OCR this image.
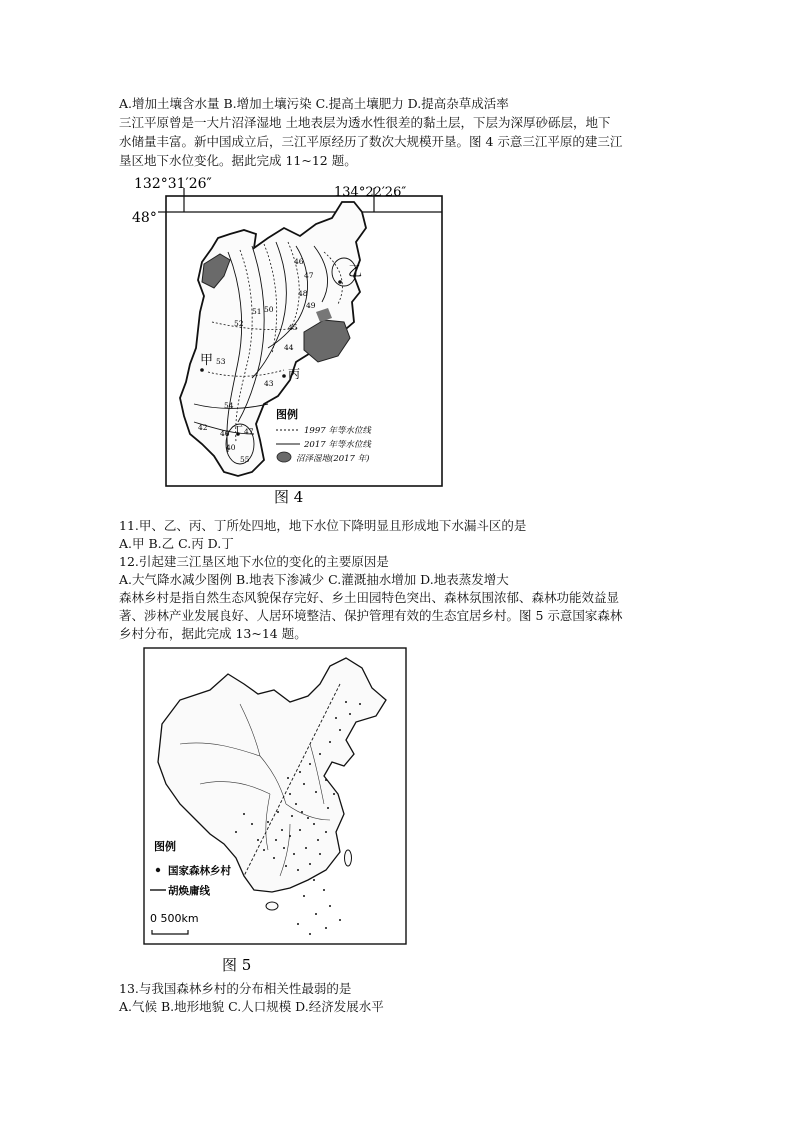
A.增加土壤含水量 B.增加土壤污染 C.提高土壤肥力 D.提高杂草成活率
三江平原曾是一大片沼泽湿地 土地表层为透水性很差的黏土层，下层为深厚砂砾层，地下
水储量丰富。新中国成立后，三江平原经历了数次大规模开垦。图 4 示意三江平原的建三江
垦区地下水位变化。据此完成 11~12 题。
132°31′26″
134°22′26″
48°
46
47
48
49
45
50
51
52
53
43
44
54
42
40
46 47
55
甲
乙
丙
丁
图例
1997 年等水位线
2017 年等水位线
沼泽湿地(2017 年)
图 4
11.甲、乙、丙、丁所处四地，地下水位下降明显且形成地下水漏斗区的是
A.甲 B.乙 C.丙 D.丁
12.引起建三江垦区地下水位的变化的主要原因是
A.大气降水减少图例 B.地表下渗减少 C.灌溉抽水增加 D.地表蒸发增大
森林乡村是指自然生态风貌保存完好、乡土田园特色突出、森林氛围浓郁、森林功能效益显
著、涉林产业发展良好、人居环境整洁、保护管理有效的生态宜居乡村。图 5 示意国家森林
乡村分布，据此完成 13~14 题。
图例
国家森林乡村
胡焕庸线
0 500km
图 5
13.与我国森林乡村的分布相关性最弱的是
A.气候 B.地形地貌 C.人口规模 D.经济发展水平
